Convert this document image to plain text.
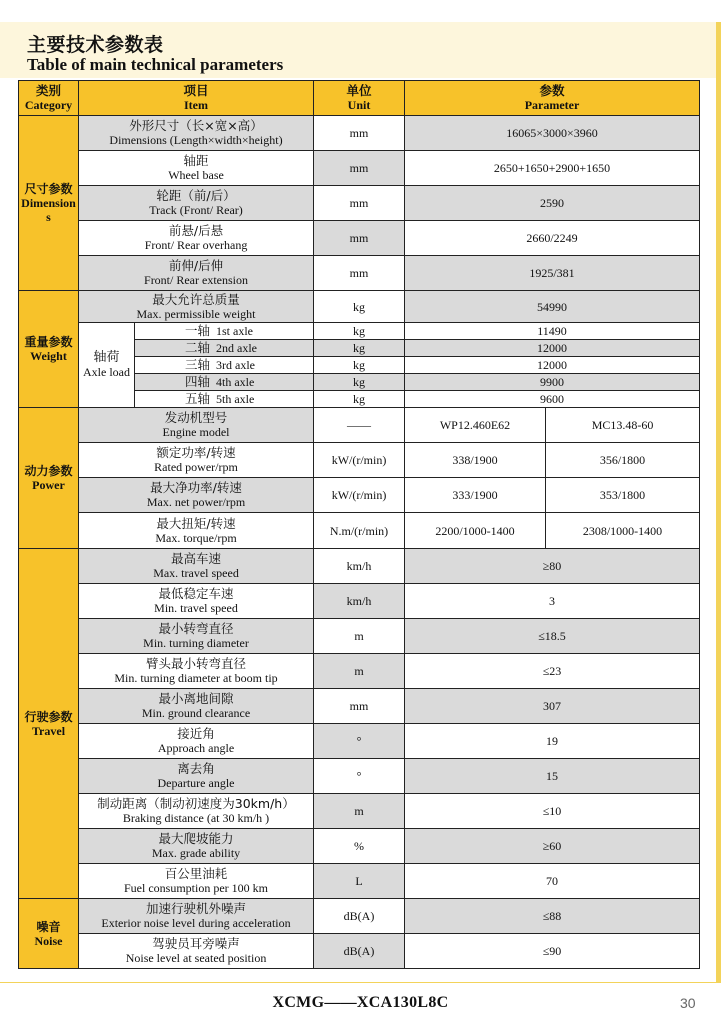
主要技术参数表
Table of main technical parameters
类别
Category	项目
Item		单位
Unit	参数
Parameter	

尺寸参数
Dimensions	外形尺寸（长×宽×高）
Dimensions (Length×width×height)		mm	16065×3000×3960	

	轴距
Wheel base		mm	2650+1650+2900+1650	

	轮距（前/后）
Track (Front/ Rear)		mm	2590	

	前悬/后悬
Front/ Rear overhang		mm	2660/2249	

	前伸/后伸
Front/ Rear extension		mm	1925/381	

重量参数
Weight	最大允许总质量
Max. permissible weight		kg	54990	

	轴荷
Axle load	一轴 1st axle	kg	11490	
		二轴 2nd axle	kg	12000	
		三轴 3rd axle	kg	12000	
		四轴 4th axle	kg	9900	
		五轴 5th axle	kg	9600	

动力参数
Power	发动机型号
Engine model		——	WP12.460E62	MC13.48-60

	额定功率/转速
Rated power/rpm		kW/(r/min)	338/1900	356/1800

	最大净功率/转速
Max. net power/rpm		kW/(r/min)	333/1900	353/1800

	最大扭矩/转速
Max. torque/rpm		N.m/(r/min)	2200/1000-1400	2308/1000-1400

行驶参数
Travel	最高车速
Max. travel speed		km/h	≥80	

	最低稳定车速
Min. travel speed		km/h	3	

	最小转弯直径
Min. turning diameter		m	≤18.5	

	臂头最小转弯直径
Min. turning diameter at boom tip		m	≤23	

	最小离地间隙
Min. ground clearance		mm	307	

	接近角
Approach angle		°	19	

	离去角
Departure angle		°	15	

	制动距离（制动初速度为30km/h）
Braking distance (at 30 km/h )		m	≤10	

	最大爬坡能力
Max. grade ability		%	≥60	

	百公里油耗
Fuel consumption per 100 km		L	70	

噪音
Noise	加速行驶机外噪声
Exterior noise level during acceleration		dB(A)	≤88	

	驾驶员耳旁噪声
Noise level at seated position		dB(A)	≤90	
XCMG——XCA130L8C	30
